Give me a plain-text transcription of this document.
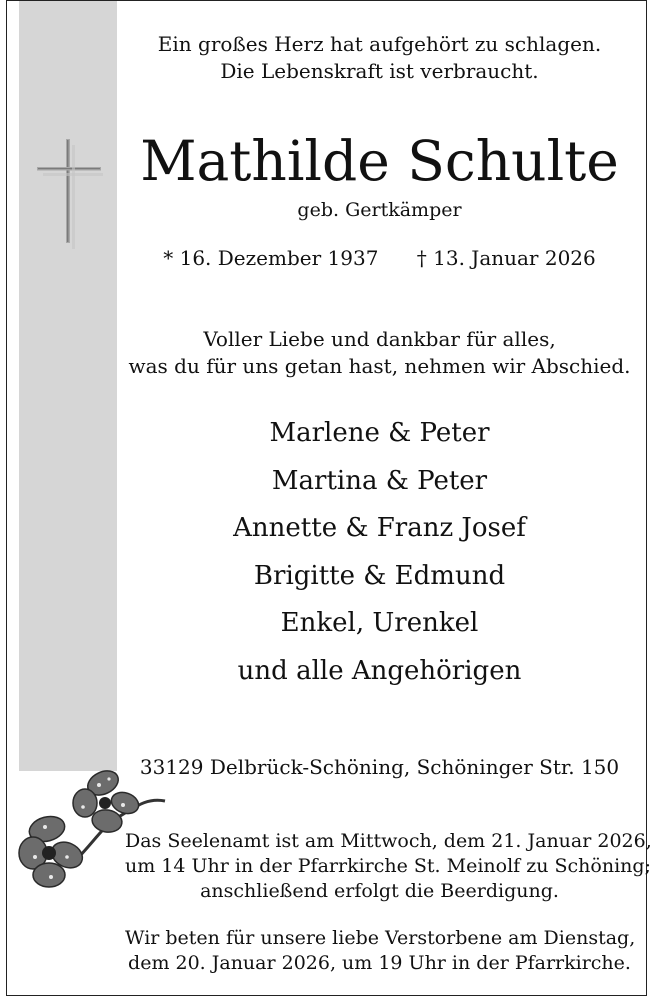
Ein großes Herz hat aufgehört zu schlagen.
Die Lebenskraft ist verbraucht.
Mathilde Schulte
geb. Gertkämper
* 16. Dezember 1937 † 13. Januar 2026
Voller Liebe und dankbar für alles,
was du für uns getan hast, nehmen wir Abschied.
Marlene & Peter
Martina & Peter
Annette & Franz Josef
Brigitte & Edmund
Enkel, Urenkel
und alle Angehörigen
33129 Delbrück-Schöning, Schöninger Str. 150
Das Seelenamt ist am Mittwoch, dem 21. Januar 2026,
um 14 Uhr in der Pfarrkirche St. Meinolf zu Schöning;
anschließend erfolgt die Beerdigung.
Wir beten für unsere liebe Verstorbene am Dienstag,
dem 20. Januar 2026, um 19 Uhr in der Pfarrkirche.
